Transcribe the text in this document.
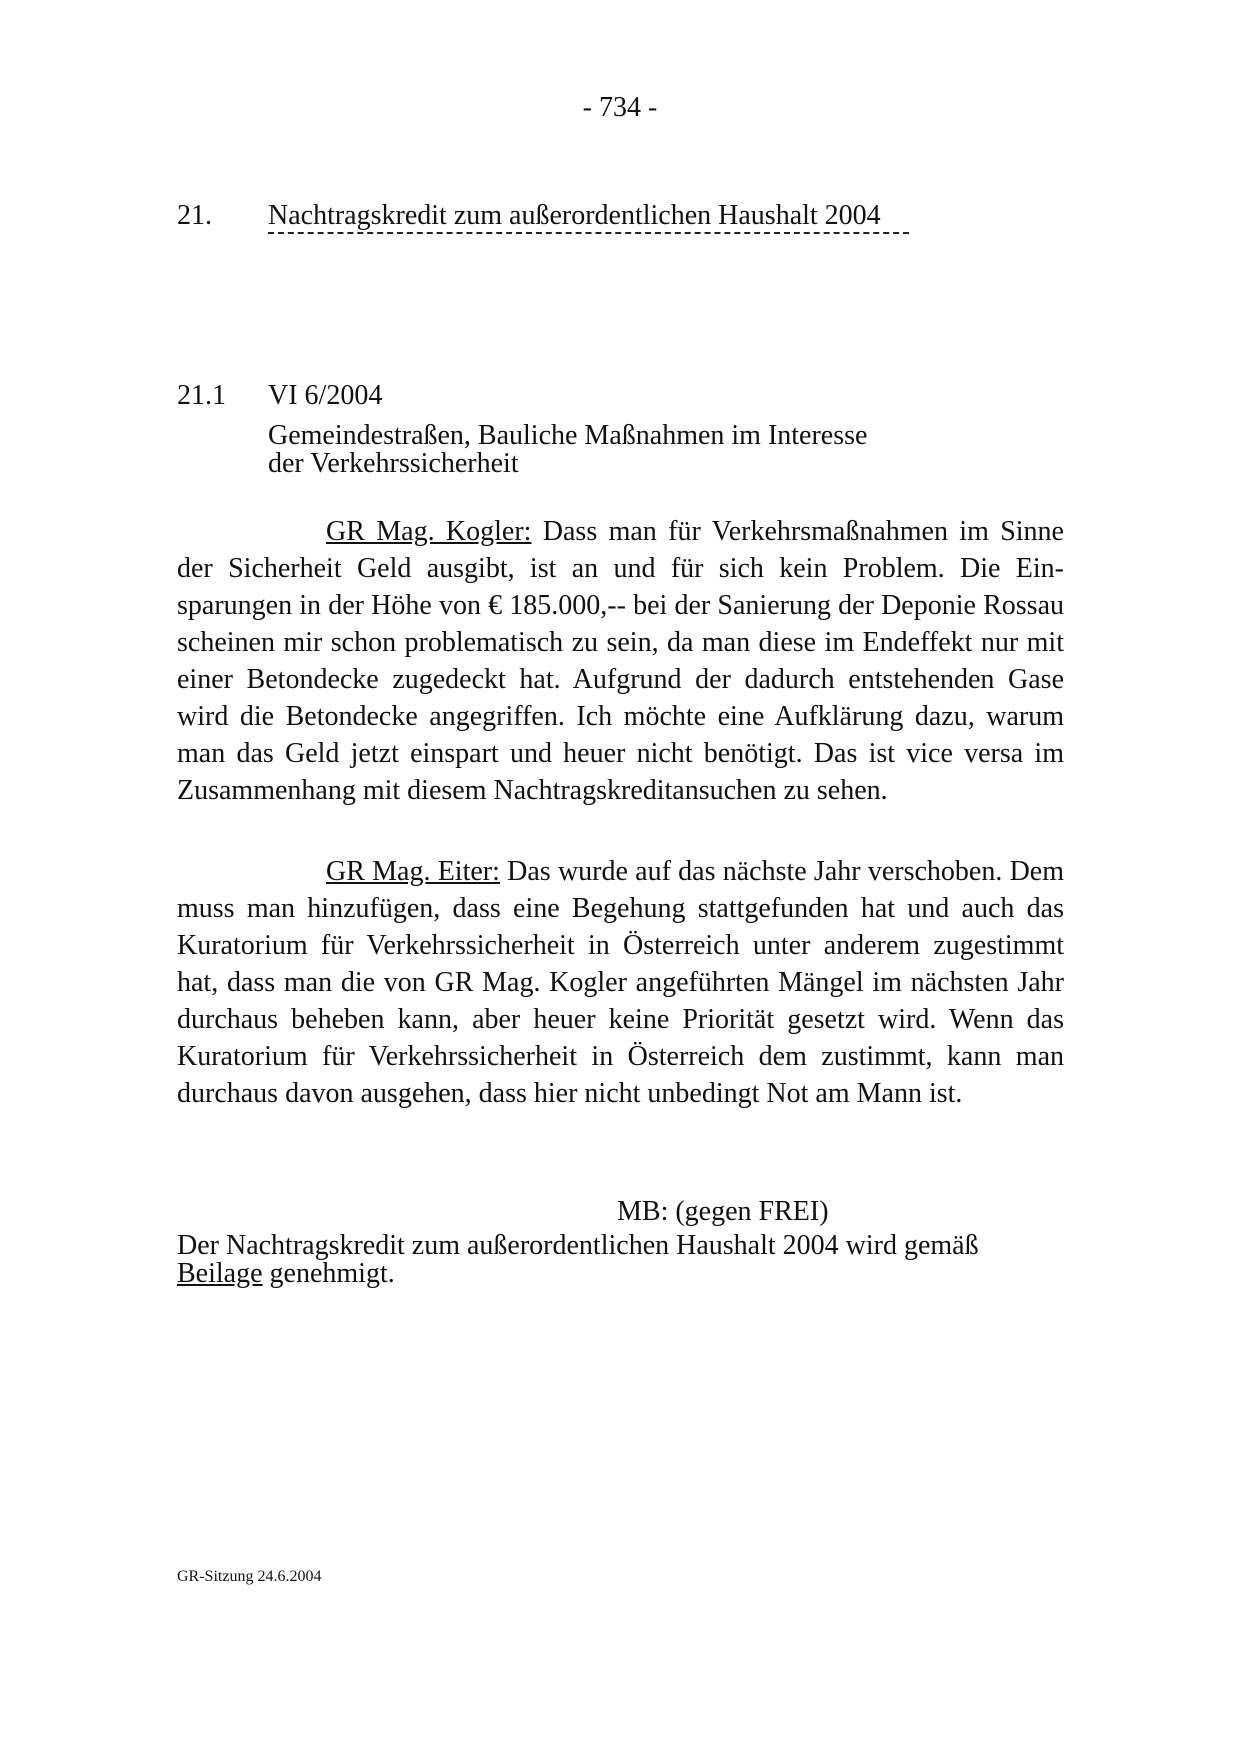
- 734 -
21. Nachtragskredit zum außerordentlichen Haushalt 2004
21.1 VI 6/2004
Gemeindestraßen, Bauliche Maßnahmen im Interesse
der Verkehrssicherheit
GR Mag. Kogler: Dass man für Verkehrsmaßnahmen im Sinne der Sicherheit Geld ausgibt, ist an und für sich kein Problem. Die Einsparungen in der Höhe von € 185.000,-- bei der Sanierung der Deponie Rossau scheinen mir schon problematisch zu sein, da man diese im Endeffekt nur mit einer Betondecke zugedeckt hat. Aufgrund der dadurch entstehenden Gase wird die Betondecke angegriffen. Ich möchte eine Aufklärung dazu, warum man das Geld jetzt einspart und heuer nicht benötigt. Das ist vice versa im Zusammenhang mit diesem Nachtragskreditansuchen zu sehen.
GR Mag. Eiter: Das wurde auf das nächste Jahr verschoben. Dem muss man hinzufügen, dass eine Begehung stattgefunden hat und auch das Kuratorium für Verkehrssicherheit in Österreich unter anderem zugestimmt hat, dass man die von GR Mag. Kogler angeführten Mängel im nächsten Jahr durchaus beheben kann, aber heuer keine Priorität gesetzt wird. Wenn das Kuratorium für Verkehrssicherheit in Österreich dem zustimmt, kann man durchaus davon ausgehen, dass hier nicht unbedingt Not am Mann ist.
MB: (gegen FREI)
Der Nachtragskredit zum außerordentlichen Haushalt 2004 wird gemäß
Beilage genehmigt.
GR-Sitzung 24.6.2004
